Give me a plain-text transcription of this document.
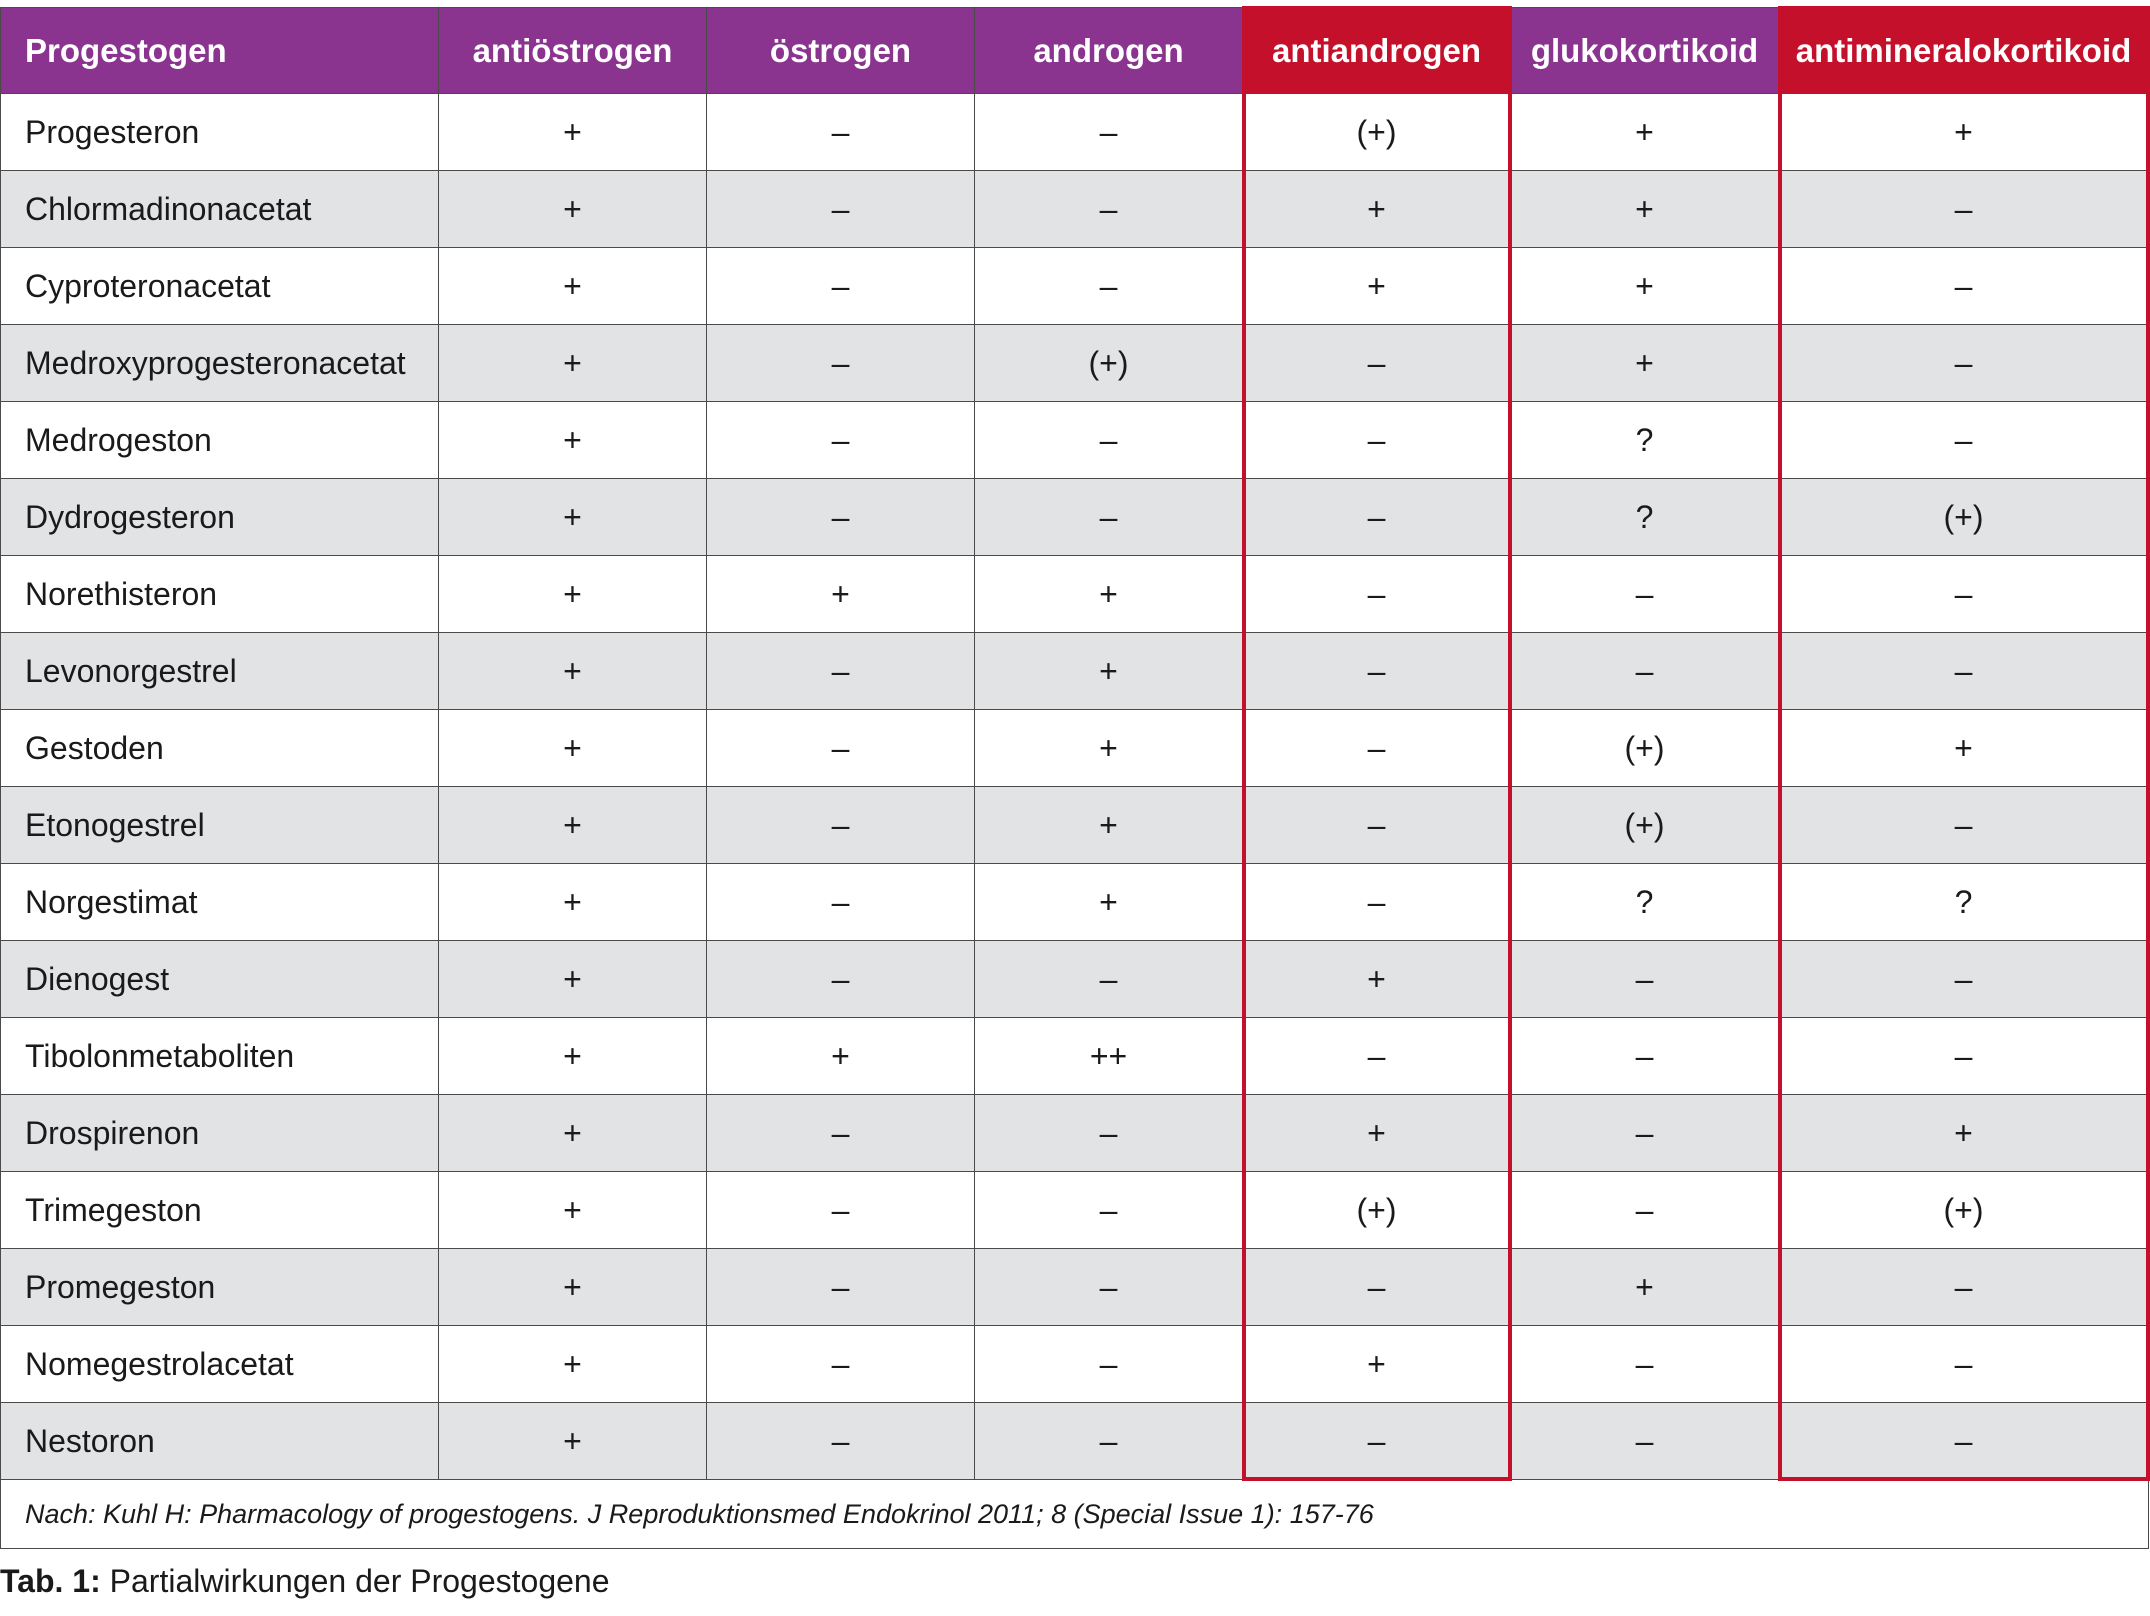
Progestogen	antiöstrogen	östrogen	androgen	antiandrogen	glukokortikoid	antimineralokortikoid
Progesteron	+	–	–	(+)	+	+
Chlormadinonacetat	+	–	–	+	+	–
Cyproteronacetat	+	–	–	+	+	–
Medroxyprogesteronacetat	+	–	(+)	–	+	–
Medrogeston	+	–	–	–	?	–
Dydrogesteron	+	–	–	–	?	(+)
Norethisteron	+	+	+	–	–	–
Levonorgestrel	+	–	+	–	–	–
Gestoden	+	–	+	–	(+)	+
Etonogestrel	+	–	+	–	(+)	–
Norgestimat	+	–	+	–	?	?
Dienogest	+	–	–	+	–	–
Tibolonmetaboliten	+	+	++	–	–	–
Drospirenon	+	–	–	+	–	+
Trimegeston	+	–	–	(+)	–	(+)
Promegeston	+	–	–	–	+	–
Nomegestrolacetat	+	–	–	+	–	–
Nestoron	+	–	–	–	–	–
Nach: Kuhl H: Pharmacology of progestogens. J Reproduktionsmed Endokrinol 2011; 8 (Special Issue 1): 157-76						
Tab. 1: Partialwirkungen der Progestogene
